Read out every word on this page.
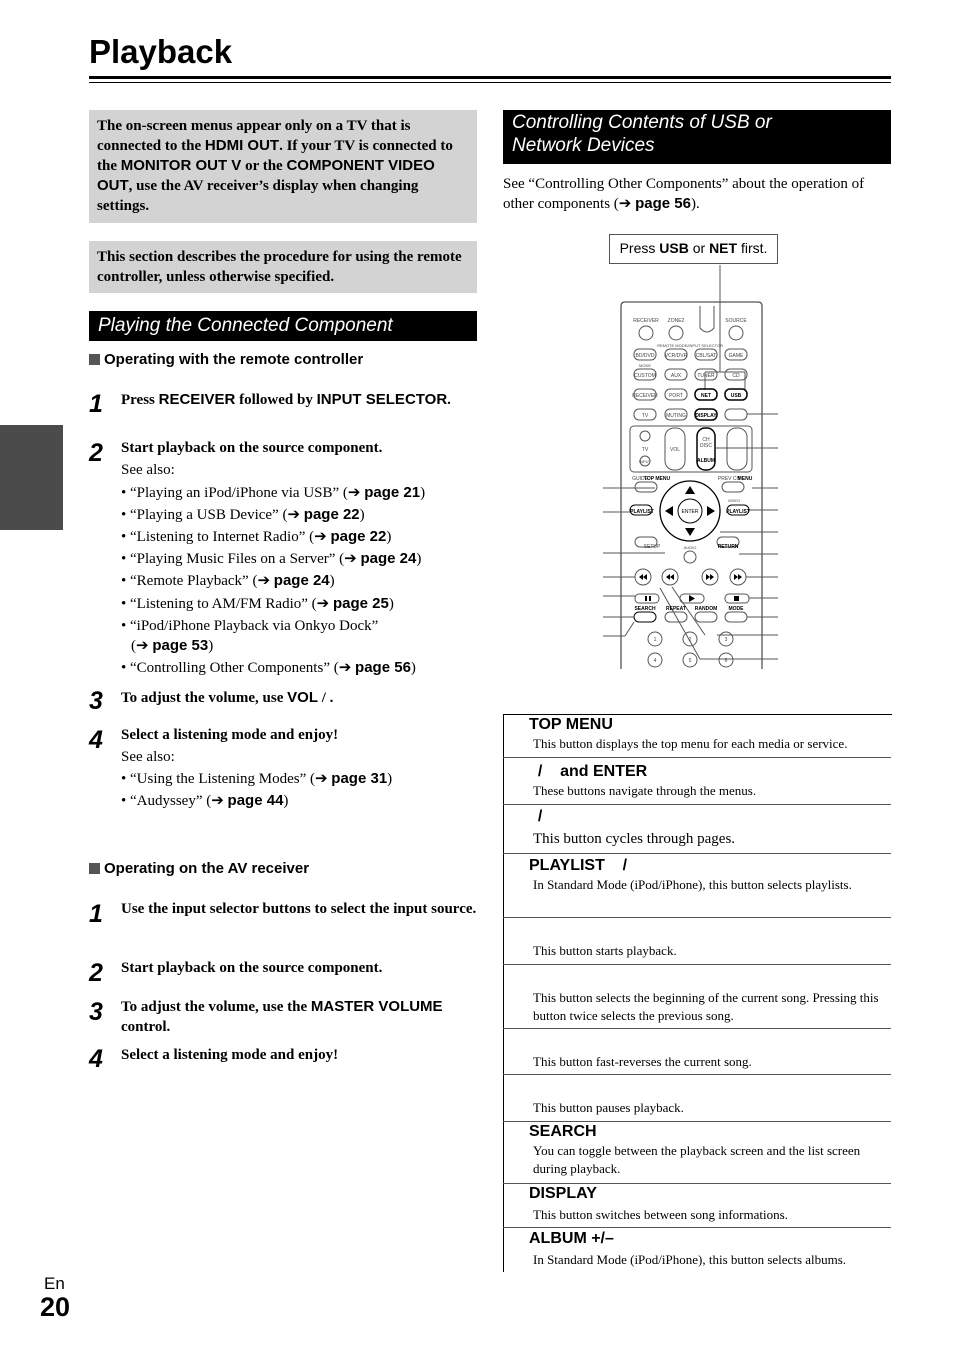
Playback
The on-screen menus appear only on a TV that is connected to the HDMI OUT. If your TV is connected to the MONITOR OUT V or the COMPONENT VIDEO OUT, use the AV receiver’s display when changing settings.
This section describes the procedure for using the remote controller, unless otherwise specified.
Playing the Connected Component
Operating with the remote controller
1	Press RECEIVER followed by INPUT SELECTOR.
2	Start playback on the source component.
See also:
• “Playing an iPod/iPhone via USB” (➔ page 21)
• “Playing a USB Device” (➔ page 22)
• “Listening to Internet Radio” (➔ page 22)
• “Playing Music Files on a Server” (➔ page 24)
• “Remote Playback” (➔ page 24)
• “Listening to AM/FM Radio” (➔ page 25)
• “iPod/iPhone Playback via Onkyo Dock”
(➔ page 53)
• “Controlling Other Components” (➔ page 56)
3	To adjust the volume, use VOL / .
4	Select a listening mode and enjoy!
See also:
• “Using the Listening Modes” (➔ page 31)
• “Audyssey” (➔ page 44)
Operating on the AV receiver
1	Use the input selector buttons to select the input source.
2	Start playback on the source component.
3	To adjust the volume, use the MASTER VOLUME control.
4	Select a listening mode and enjoy!
Controlling Contents of USB or
Network Devices
See “Controlling Other Components” about the operation of other components (➔ page 56).
Press USB or NET first.
RECEIVER ZONE2	SOURCE
REMOTE MODE/INPUT SELECTOR
BD/DVD VCR/DVR CBL/SAT GAME
MODE
CUSTOM	AUX	TUNER	CD
RECEIVER PORT	NET	USB
TV	MUTING DISPLAY
TV	VOL
CH
DISC
INPUT	ALBUM
GUIDE
TOP MENU	PREV CH
MENU
PLAYLIST	PLAYLIST
ENTER
SETUP	RETURN
AUDIO
VIDEO
SEARCH REPEAT RANDOM MODE
1	2	3
4	5	6
TOP MENU
This button displays the top menu for each media or service.
/    and ENTER
These buttons navigate through the menus.
/
This button cycles through pages.
PLAYLIST    /
In Standard Mode (iPod/iPhone), this button selects playlists.
This button starts playback.
This button selects the beginning of the current song. Pressing this button twice selects the previous song.
This button fast-reverses the current song.
This button pauses playback.
SEARCH
You can toggle between the playback screen and the list screen during playback.
DISPLAY
This button switches between song informations.
ALBUM +/–
In Standard Mode (iPod/iPhone), this button selects albums.
En
20
